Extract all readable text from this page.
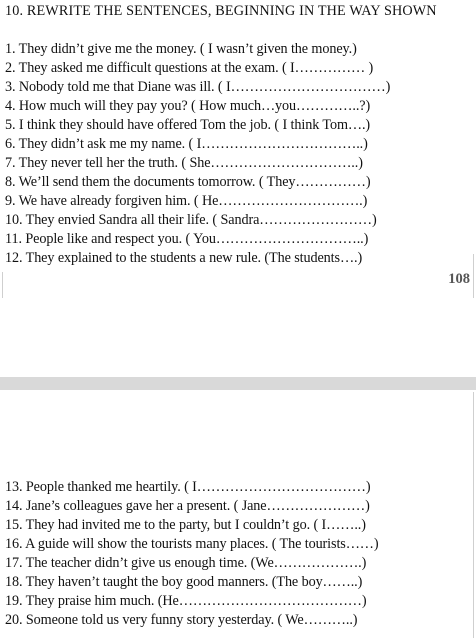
10. REWRITE THE SENTENCES, BEGINNING IN THE WAY SHOWN
1. They didn’t give me the money. ( I wasn’t given the money.)
2. They asked me difficult questions at the exam. ( I…………… )
3. Nobody told me that Diane was ill. ( I……………………………)
4. How much will they pay you? ( How much…you…………..?)
5. I think they should have offered Tom the job. ( I think Tom….)
6. They didn’t ask me my name. ( I……………………………..)
7. They never tell her the truth. ( She…………………………..)
8. We’ll send them the documents tomorrow. ( They……………)
9. We have already forgiven him. ( He………………………….)
10. They envied Sandra all their life. ( Sandra……………………)
11. People like and respect you. ( You…………………………..)
12. They explained to the students a new rule. (The students….)
108
13. People thanked me heartily. ( I………………………………)
14. Jane’s colleagues gave her a present. ( Jane…………………)
15. They had invited me to the party, but I couldn’t go. ( I……..)
16. A guide will show the tourists many places. ( The tourists……)
17. The teacher didn’t give us enough time. (We……………….)
18. They haven’t taught the boy good manners. (The boy……..)
19. They praise him much. (He…………………………………)
20. Someone told us very funny story yesterday. ( We………..)
